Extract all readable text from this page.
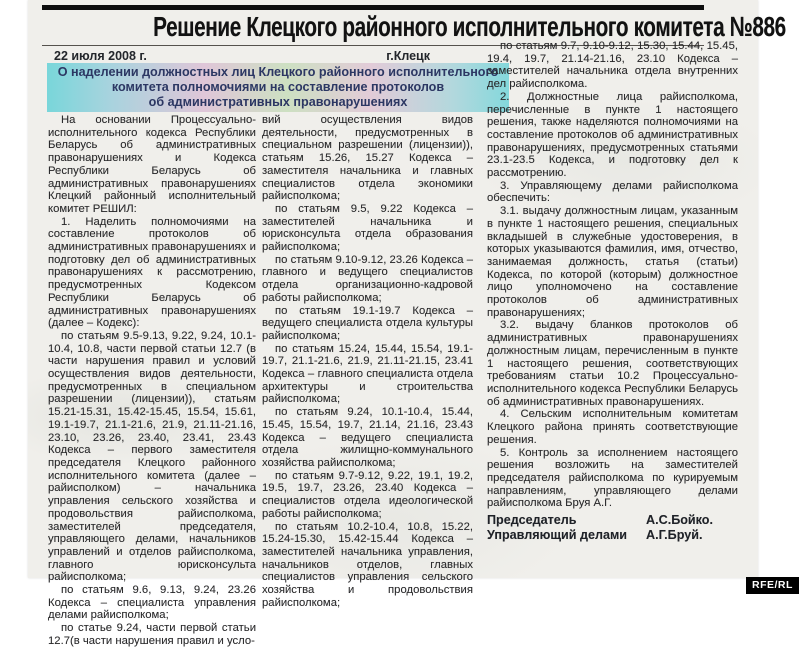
Решение Клецкого районного исполнительного комитета №886
22 июля 2008 г.	г.Клецк
О наделении должностных лиц Клецкого районного исполнительного
комитета полномочиями на составление протоколов
об административных правонарушениях

На основании Процессуально-исполнительного кодекса Республики Беларусь об административных правонарушениях и Кодекса Республики Беларусь об административных правонарушениях Клецкий районный исполнительный комитет РЕШИЛ:

1. Наделить полномочиями на составление протоколов об административных правонарушениях и подготовку дел об административных правонарушениях к рассмотрению, предусмотренных Кодексом Республики Беларусь об административных правонарушениях (далее – Кодекс):

по статьям 9.5-9.13, 9.22, 9.24, 10.1-10.4, 10.8, части первой статьи 12.7 (в части нарушения правил и условий осуществления видов деятельности, предусмотренных в специальном разрешении (лицензии)), статьям 15.21-15.31, 15.42-15.45, 15.54, 15.61, 19.1-19.7, 21.1-21.6, 21.9, 21.11-21.16, 23.10, 23.26, 23.40, 23.41, 23.43 Кодекса – первого заместителя председателя Клецкого районного исполнительного комитета (далее – райисполком) – начальника управления сельского хозяйства и продовольствия райисполкома, заместителей председателя, управляющего делами, начальников управлений и отделов райисполкома, главного юрисконсульта райисполкома;

по статьям 9.6, 9.13, 9.24, 23.26 Кодекса – специалиста управления делами райисполкома;

по статье 9.24, части первой статьи 12.7(в части нарушения правил и усло-

вий осуществления видов деятельности, предусмотренных в специальном разрешении (лицензии)), статьям 15.26, 15.27 Кодекса – заместителя начальника и главных специалистов отдела экономики райисполкома;

по статьям 9.5, 9.22 Кодекса – заместителей начальника и юрисконсульта отдела образования райисполкома;

по статьям 9.10-9.12, 23.26 Кодекса – главного и ведущего специалистов отдела организационно-кадровой работы райисполкома;

по статьям 19.1-19.7 Кодекса – ведущего специалиста отдела культуры райисполкома;

по статьям 15.24, 15.44, 15.54, 19.1-19.7, 21.1-21.6, 21.9, 21.11-21.15, 23.41 Кодекса – главного специалиста отдела архитектуры и строительства райисполкома;

по статьям 9.24, 10.1-10.4, 15.44, 15.45, 15.54, 19.7, 21.14, 21.16, 23.43 Кодекса – ведущего специалиста отдела жилищно-коммунального хозяйства райисполкома;

по статьям 9.7-9.12, 9.22, 19.1, 19.2, 19.5, 19.7, 23.26, 23.40 Кодекса – специалистов отдела идеологической работы райисполкома;

по статьям 10.2-10.4, 10.8, 15.22, 15.24-15.30, 15.42-15.44 Кодекса – заместителей начальника управления, начальников отделов, главных специалистов управления сельского хозяйства и продовольствия райисполкома;

по статьям 9.7, 9.10-9.12, 15.30, 15.44, 15.45, 19.4, 19.7, 21.14-21.16, 23.10 Кодекса – заместителей начальника отдела внутренних дел райисполкома.

2. Должностные лица райисполкома, перечисленные в пункте 1 настоящего решения, также наделяются полномочиями на составление протоколов об административных правонарушениях, предусмотренных статьями 23.1-23.5 Кодекса, и подготовку дел к рассмотрению.

3. Управляющему делами райисполкома обеспечить:

3.1. выдачу должностным лицам, указанным в пункте 1 настоящего решения, специальных вкладышей в служебные удостоверения, в которых указываются фамилия, имя, отчество, занимаемая должность, статья (статьи) Кодекса, по которой (которым) должностное лицо уполномочено на составление протоколов об административных правонарушениях;

3.2. выдачу бланков протоколов об административных правонарушениях должностным лицам, перечисленным в пункте 1 настоящего решения, соответствующих требованиям статьи 10.2 Процессуально-исполнительного кодекса Республики Беларусь об административных правонарушениях.

4. Сельским исполнительным комитетам Клецкого района принять соответствующие решения.

5. Контроль за исполнением настоящего решения возложить на заместителей председателя райисполкома по курируемым направлениям, управляющего делами райисполкома Бруя А.Г.

Председатель	А.С.Бойко.
Управляющий делами	А.Г.Бруй.
RFE/RL
